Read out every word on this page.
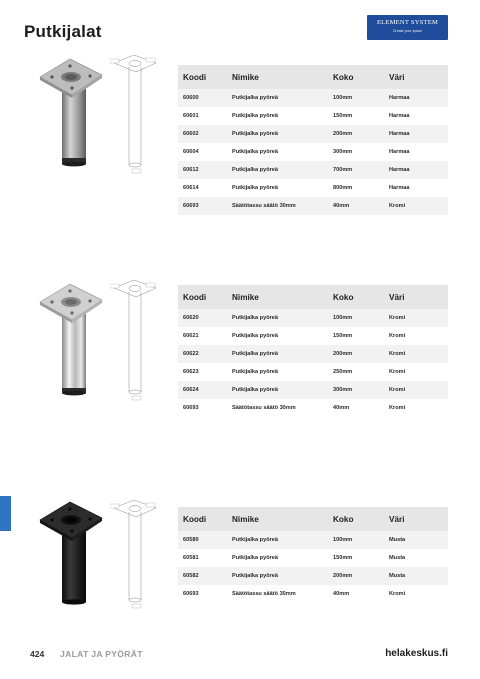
Putkijalat	ELEMENT SYSTEM
Create your space
Koodi	Nimike	Koko	Väri
60600	Putkijalka pyöreä	100mm	Harmaa
60601	Putkijalka pyöreä	150mm	Harmaa
60602	Putkijalka pyöreä	200mm	Harmaa
60604	Putkijalka pyöreä	300mm	Harmaa
60612	Putkijalka pyöreä	700mm	Harmaa
60614	Putkijalka pyöreä	800mm	Harmaa
60693	Säätötassu säätö 30mm	40mm	Kromi
Koodi	Nimike	Koko	Väri
60620	Putkijalka pyöreä	100mm	Kromi
60621	Putkijalka pyöreä	150mm	Kromi
60622	Putkijalka pyöreä	200mm	Kromi
60623	Putkijalka pyöreä	250mm	Kromi
60624	Putkijalka pyöreä	300mm	Kromi
60693	Säätötassu säätö 30mm	40mm	Kromi
Koodi	Nimike	Koko	Väri
60580	Putkijalka pyöreä	100mm	Musta
60581	Putkijalka pyöreä	150mm	Musta
60582	Putkijalka pyöreä	200mm	Musta
60693	Säätötassu säätö 30mm	40mm	Kromi
424 JALAT JA PYÖRÄT	helakeskus.fi
